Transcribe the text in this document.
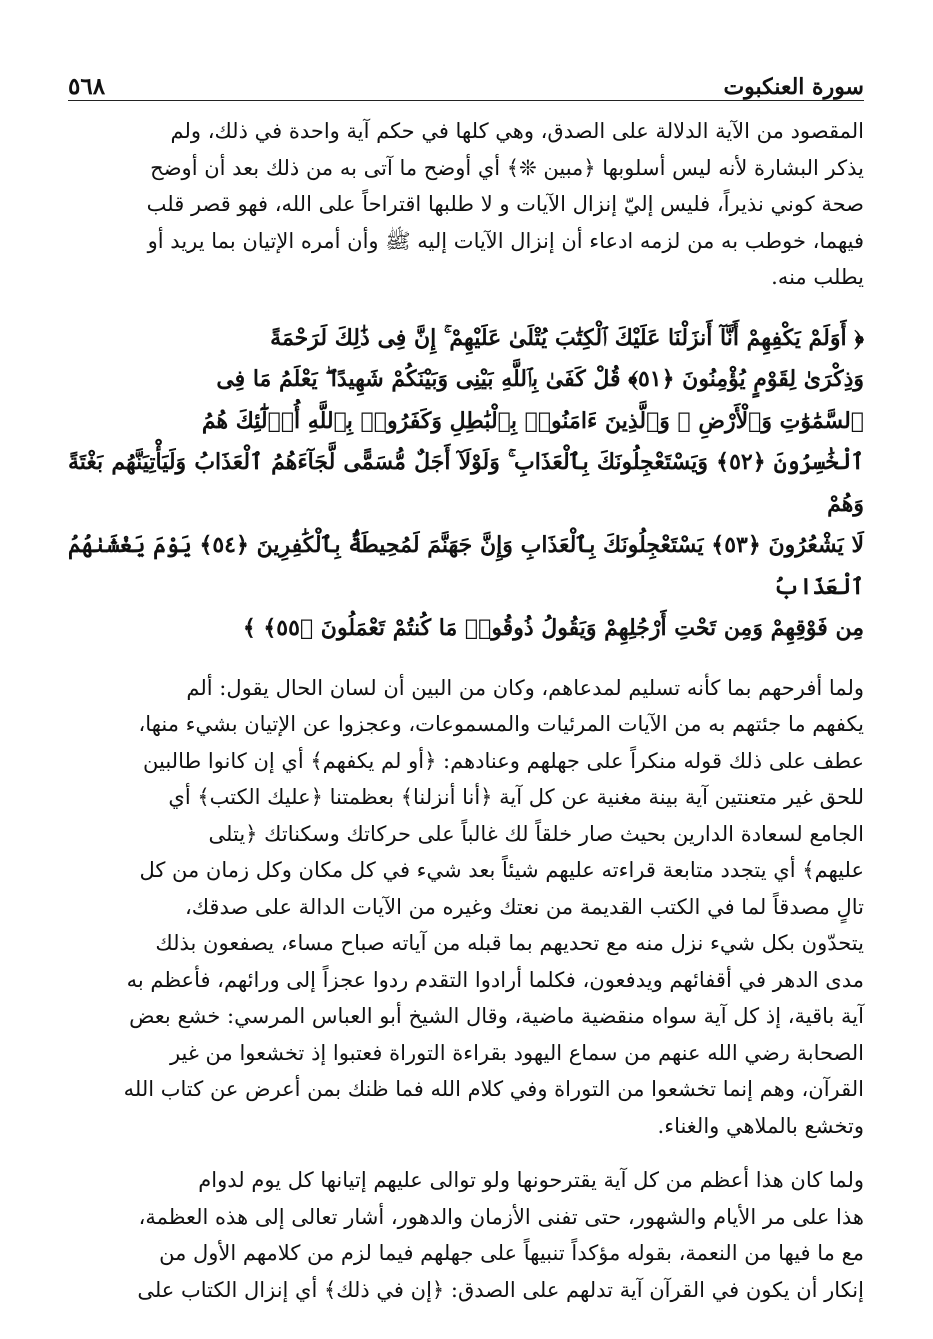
سورة العنكبوت
٥٦٨

المقصود من الآية الدلالة على الصدق، وهي كلها في حكم آية واحدة في ذلك، ولم
يذكر البشارة لأنه ليس أسلوبها ﴿مبين ❊﴾ أي أوضح ما آتى به من ذلك بعد أن أوضح
صحة كوني نذيراً، فليس إليّ إنزال الآيات و لا طلبها اقتراحاً على الله، فهو قصر قلب
فيهما، خوطب به من لزمه ادعاء أن إنزال الآيات إليه ﷺ وأن أمره الإتيان بما يريد أو
يطلب منه.

﴿ أَوَلَمْ يَكْفِهِمْ أَنَّآ أَنزَلْنَا عَلَيْكَ ٱلْكِتَٰبَ يُتْلَىٰ عَلَيْهِمْ ۚ إِنَّ فِى ذَٰلِكَ لَرَحْمَةً
وَذِكْرَىٰ لِقَوْمٍ يُؤْمِنُونَ ﴿٥١﴾ قُلْ كَفَىٰ بِٱللَّهِ بَيْنِى وَبَيْنَكُمْ شَهِيدًا ۖ يَعْلَمُ مَا فِى
ٱلسَّمَٰوَٰتِ وَٱلْأَرْضِ ۗ وَٱلَّذِينَ ءَامَنُوا۟ بِٱلْبَٰطِلِ وَكَفَرُوا۟ بِٱللَّهِ أُو۟لَٰٓئِكَ هُمُ
ٱلْخَٰسِرُونَ ﴿٥٢﴾ وَيَسْتَعْجِلُونَكَ بِٱلْعَذَابِ ۚ وَلَوْلَآ أَجَلٌ مُّسَمًّى لَّجَآءَهُمُ ٱلْعَذَابُ وَلَيَأْتِيَنَّهُم بَغْتَةً وَهُمْ
لَا يَشْعُرُونَ ﴿٥٣﴾ يَسْتَعْجِلُونَكَ بِٱلْعَذَابِ وَإِنَّ جَهَنَّمَ لَمُحِيطَةٌۢ بِٱلْكَٰفِرِينَ ﴿٥٤﴾ يَوْمَ يَغْشَىٰهُمُ ٱلْعَذَابُ
مِن فَوْقِهِمْ وَمِن تَحْتِ أَرْجُلِهِمْ وَيَقُولُ ذُوقُوا۟ مَا كُنتُمْ تَعْمَلُونَ ﴿٥٥﴾ ﴾

ولما أفرحهم بما كأنه تسليم لمدعاهم، وكان من البين أن لسان الحال يقول: ألم
يكفهم ما جئتهم به من الآيات المرئيات والمسموعات، وعجزوا عن الإتيان بشيء منها،
عطف على ذلك قوله منكراً على جهلهم وعنادهم: ﴿أو لم يكفهم﴾ أي إن كانوا طالبين
للحق غير متعنتين آية بينة مغنية عن كل آية ﴿أنا أنزلنا﴾ بعظمتنا ﴿عليك الكتب﴾ أي
الجامع لسعادة الدارين بحيث صار خلقاً لك غالباً على حركاتك وسكناتك ﴿يتلى
عليهم﴾ أي يتجدد متابعة قراءته عليهم شيئاً بعد شيء في كل مكان وكل زمان من كل
تالٍ مصدقاً لما في الكتب القديمة من نعتك وغيره من الآيات الدالة على صدقك،
يتحدّون بكل شيء نزل منه مع تحديهم بما قبله من آياته صباح مساء، يصفعون بذلك
مدى الدهر في أقفائهم ويدفعون، فكلما أرادوا التقدم ردوا عجزاً إلى ورائهم، فأعظم به
آية باقية، إذ كل آية سواه منقضية ماضية، وقال الشيخ أبو العباس المرسي: خشع بعض
الصحابة رضي الله عنهم من سماع اليهود بقراءة التوراة فعتبوا إذ تخشعوا من غير
القرآن، وهم إنما تخشعوا من التوراة وفي كلام الله فما ظنك بمن أعرض عن كتاب الله
وتخشع بالملاهي والغناء.

ولما كان هذا أعظم من كل آية يقترحونها ولو توالى عليهم إتيانها كل يوم لدوام
هذا على مر الأيام والشهور، حتى تفنى الأزمان والدهور، أشار تعالى إلى هذه العظمة،
مع ما فيها من النعمة، بقوله مؤكداً تنبيهاً على جهلهم فيما لزم من كلامهم الأول من
إنكار أن يكون في القرآن آية تدلهم على الصدق: ﴿إن في ذلك﴾ أي إنزال الكتاب على
